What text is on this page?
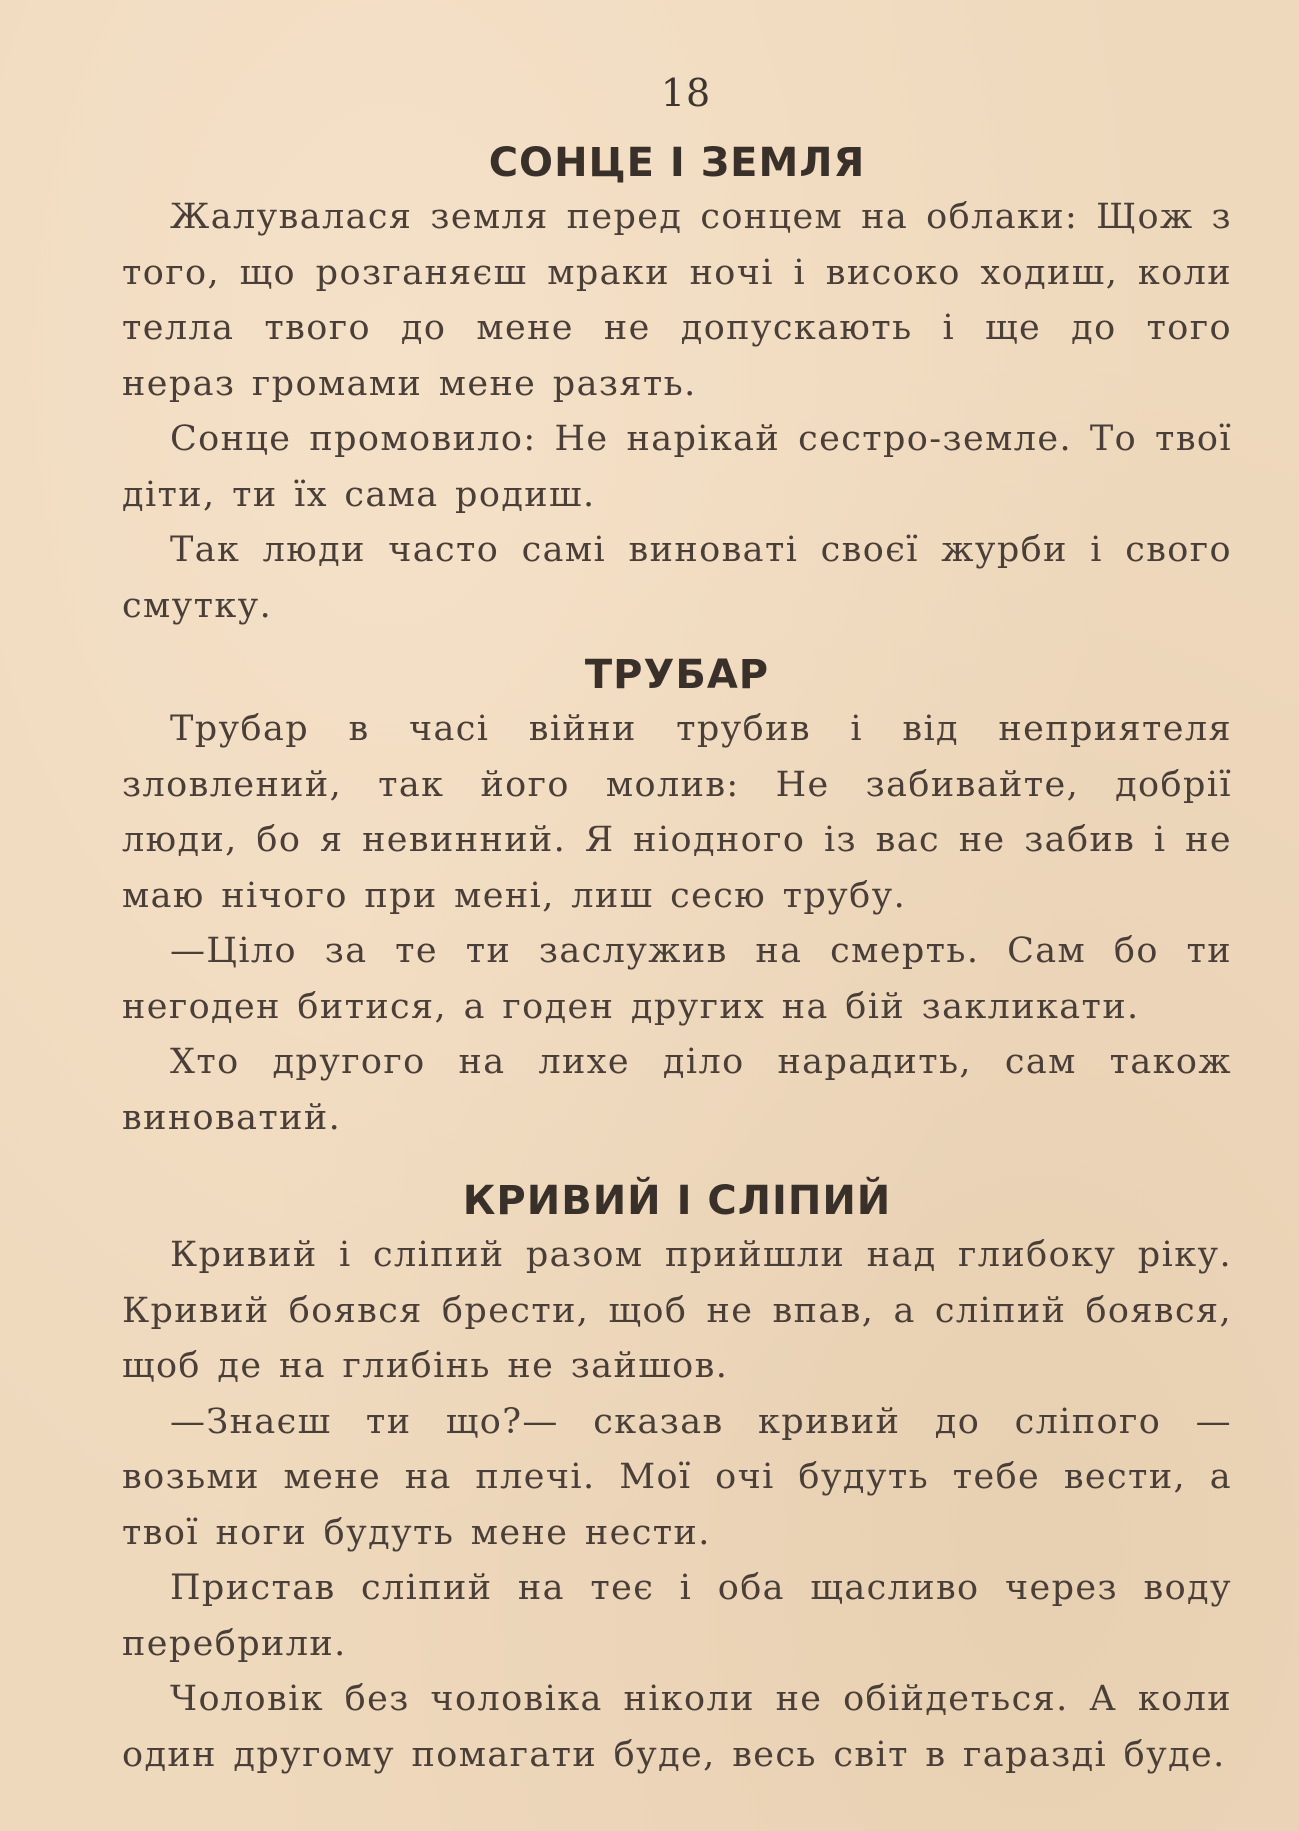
18
СОНЦЕ І ЗЕМЛЯ

Жалувалася земля перед сонцем на облаки: Щож з того, що розганяєш мраки ночі і високо ходиш, коли телла твого до мене не допускають і ще до того нераз громами мене разять.

Сонце промовило: Не нарікай сестро-земле. То твої діти, ти їх сама родиш.

Так люди часто самі виноваті своєї журби і свого смутку.

ТРУБАР

Трубар в часі війни трубив і від неприятеля зловлений, так його молив: Не забивайте, добрії люди, бо я невинний. Я ніодного із вас не забив і не маю нічого при мені, лиш сесю трубу.

—Ціло за те ти заслужив на смерть. Сам бо ти негоден битися, а годен других на бій закликати.

Хто другого на лихе діло нарадить, сам також виноватий.

КРИВИЙ І СЛІПИЙ

Кривий і сліпий разом прийшли над глибоку ріку. Кривий боявся брести, щоб не впав, а сліпий боявся, щоб де на глибінь не зайшов.

—Знаєш ти що?— сказав кривий до сліпого — возьми мене на плечі. Мої очі будуть тебе вести, а твої ноги будуть мене нести.

Пристав сліпий на теє і оба щасливо через воду перебрили.

Чоловік без чоловіка ніколи не обійдеться. А коли один другому помагати буде, весь світ в гаразді буде.
